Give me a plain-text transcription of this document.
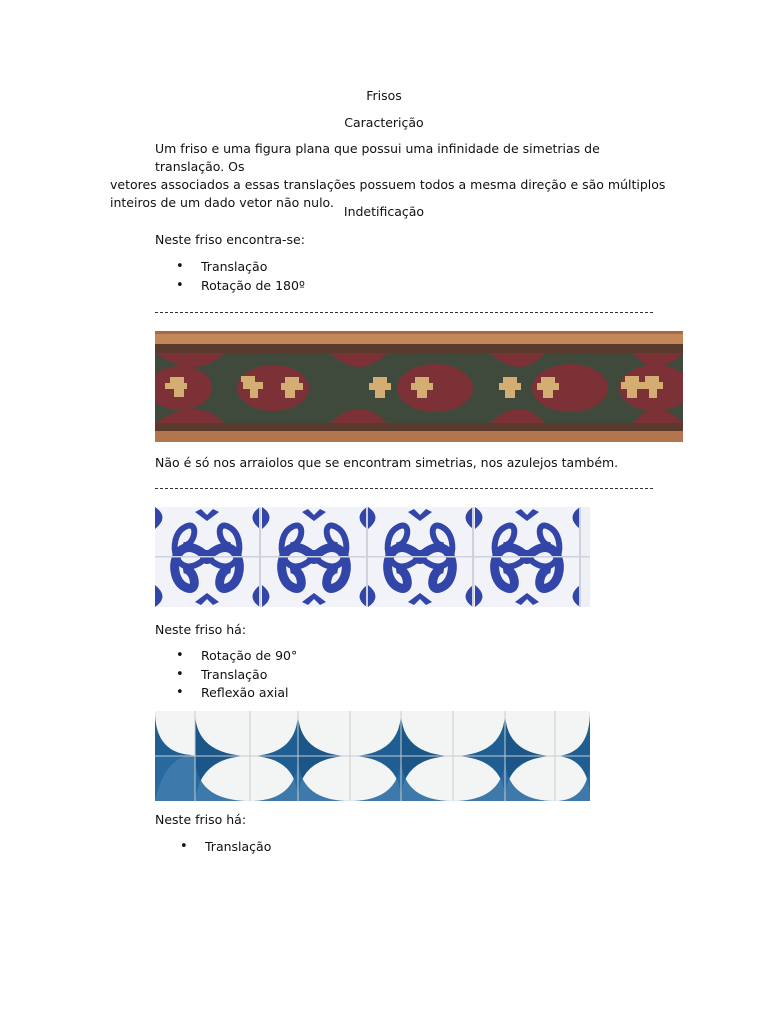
Frisos
Caracterição
Um friso e uma figura plana que possui uma infinidade de simetrias de translação. Os
vetores associados a essas translações possuem todos a mesma direção e são múltiplos
inteiros de um dado vetor não nulo.
Indetificação
Neste friso encontra-se:
• Translação
• Rotação de 180º
Não é só nos arraiolos que se encontram simetrias, nos azulejos também.
Neste friso há:
• Rotação de 90°
• Translação
• Reflexão axial
Neste friso há:
• Translação
